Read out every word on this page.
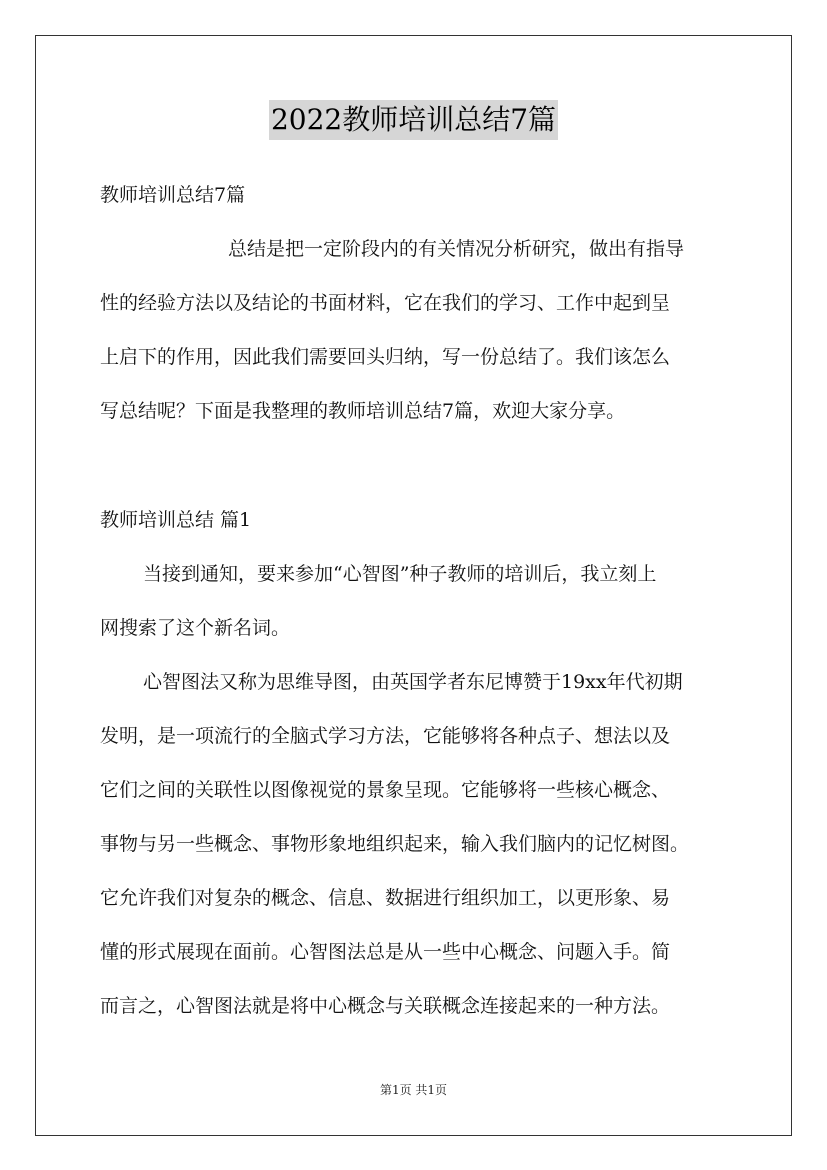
2022教师培训总结7篇
教师培训总结7篇
总结是把一定阶段内的有关情况分析研究，做出有指导
性的经验方法以及结论的书面材料，它在我们的学习、工作中起到呈
上启下的作用，因此我们需要回头归纳，写一份总结了。我们该怎么
写总结呢？下面是我整理的教师培训总结7篇，欢迎大家分享。
教师培训总结 篇1
当接到通知，要来参加“心智图”种子教师的培训后，我立刻上
网搜索了这个新名词。
心智图法又称为思维导图，由英国学者东尼博赞于19xx年代初期
发明，是一项流行的全脑式学习方法，它能够将各种点子、想法以及
它们之间的关联性以图像视觉的景象呈现。它能够将一些核心概念、
事物与另一些概念、事物形象地组织起来，输入我们脑内的记忆树图。
它允许我们对复杂的概念、信息、数据进行组织加工，以更形象、易
懂的形式展现在面前。心智图法总是从一些中心概念、问题入手。简
而言之，心智图法就是将中心概念与关联概念连接起来的一种方法。
第1页 共1页
